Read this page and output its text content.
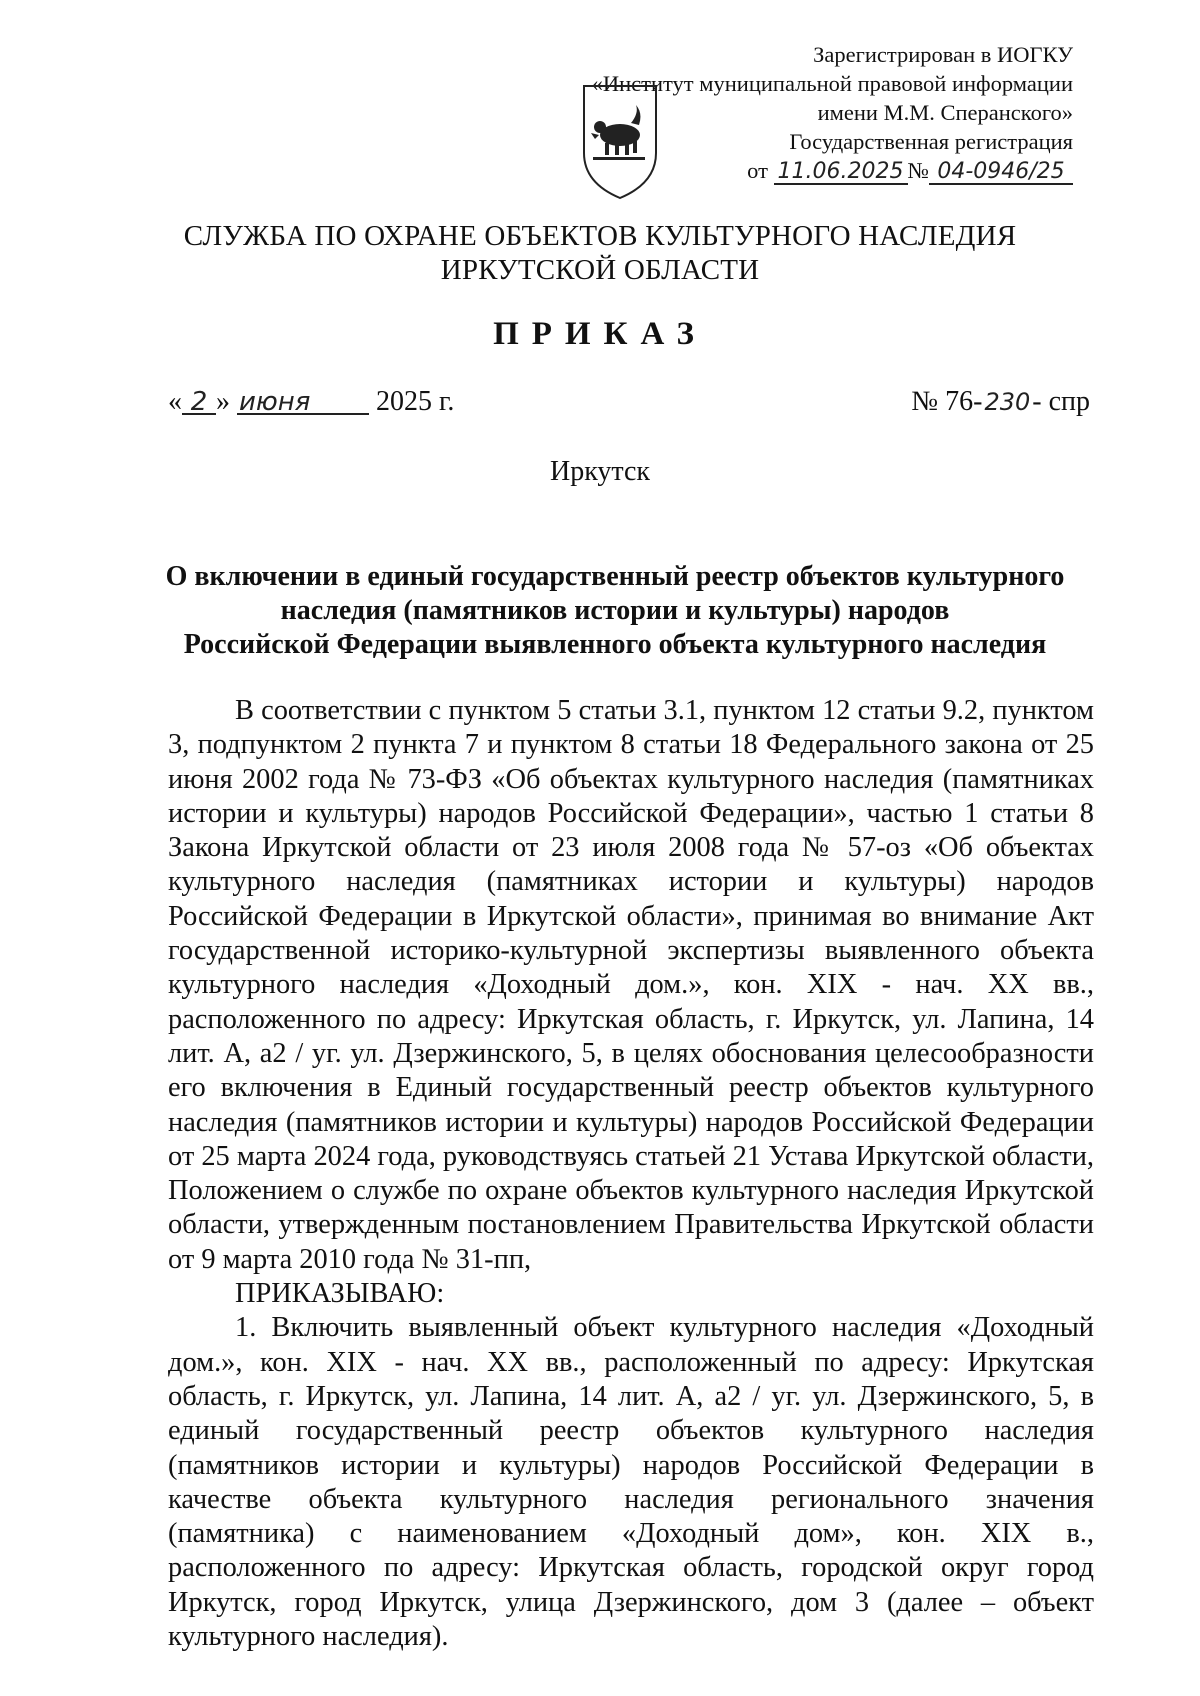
Зарегистрирован в ИОГКУ
«Институт муниципальной правовой информации
имени М.М. Сперанского»
Государственная регистрация
от 11.06.2025 № 04-0946/25
СЛУЖБА ПО ОХРАНЕ ОБЪЕКТОВ КУЛЬТУРНОГО НАСЛЕДИЯ
ИРКУТСКОЙ ОБЛАСТИ
ПРИКАЗ
« 2 » июня 2025 г.	№ 76-230- спр
Иркутск
О включении в единый государственный реестр объектов культурного
наследия (памятников истории и культуры) народов
Российской Федерации выявленного объекта культурного наследия

В соответствии с пунктом 5 статьи 3.1, пунктом 12 статьи 9.2, пунктом 3, подпунктом 2 пункта 7 и пунктом 8 статьи 18 Федерального закона от 25 июня 2002 года № 73-ФЗ «Об объектах культурного наследия (памятниках истории и культуры) народов Российской Федерации», частью 1 статьи 8 Закона Иркутской области от 23 июля 2008 года № 57-оз «Об объектах культурного наследия (памятниках истории и культуры) народов Российской Федерации в Иркутской области», принимая во внимание Акт государственной историко-культурной экспертизы выявленного объекта культурного наследия «Доходный дом.», кон. XIX - нач. XX вв., расположенного по адресу: Иркутская область, г. Иркутск, ул. Лапина, 14 лит. А, а2 / уг. ул. Дзержинского, 5, в целях обоснования целесообразности его включения в Единый государственный реестр объектов культурного наследия (памятников истории и культуры) народов Российской Федерации от 25 марта 2024 года, руководствуясь статьей 21 Устава Иркутской области, Положением о службе по охране объектов культурного наследия Иркутской области, утвержденным постановлением Правительства Иркутской области от 9 марта 2010 года № 31-пп,

ПРИКАЗЫВАЮ:

1. Включить выявленный объект культурного наследия «Доходный дом.», кон. XIX - нач. XX вв., расположенный по адресу: Иркутская область, г. Иркутск, ул. Лапина, 14 лит. А, а2 / уг. ул. Дзержинского, 5, в единый государственный реестр объектов культурного наследия (памятников истории и культуры) народов Российской Федерации в качестве объекта культурного наследия регионального значения (памятника) с наименованием «Доходный дом», кон. XIX в., расположенного по адресу: Иркутская область, городской округ город Иркутск, город Иркутск, улица Дзержинского, дом 3 (далее – объект культурного наследия).
